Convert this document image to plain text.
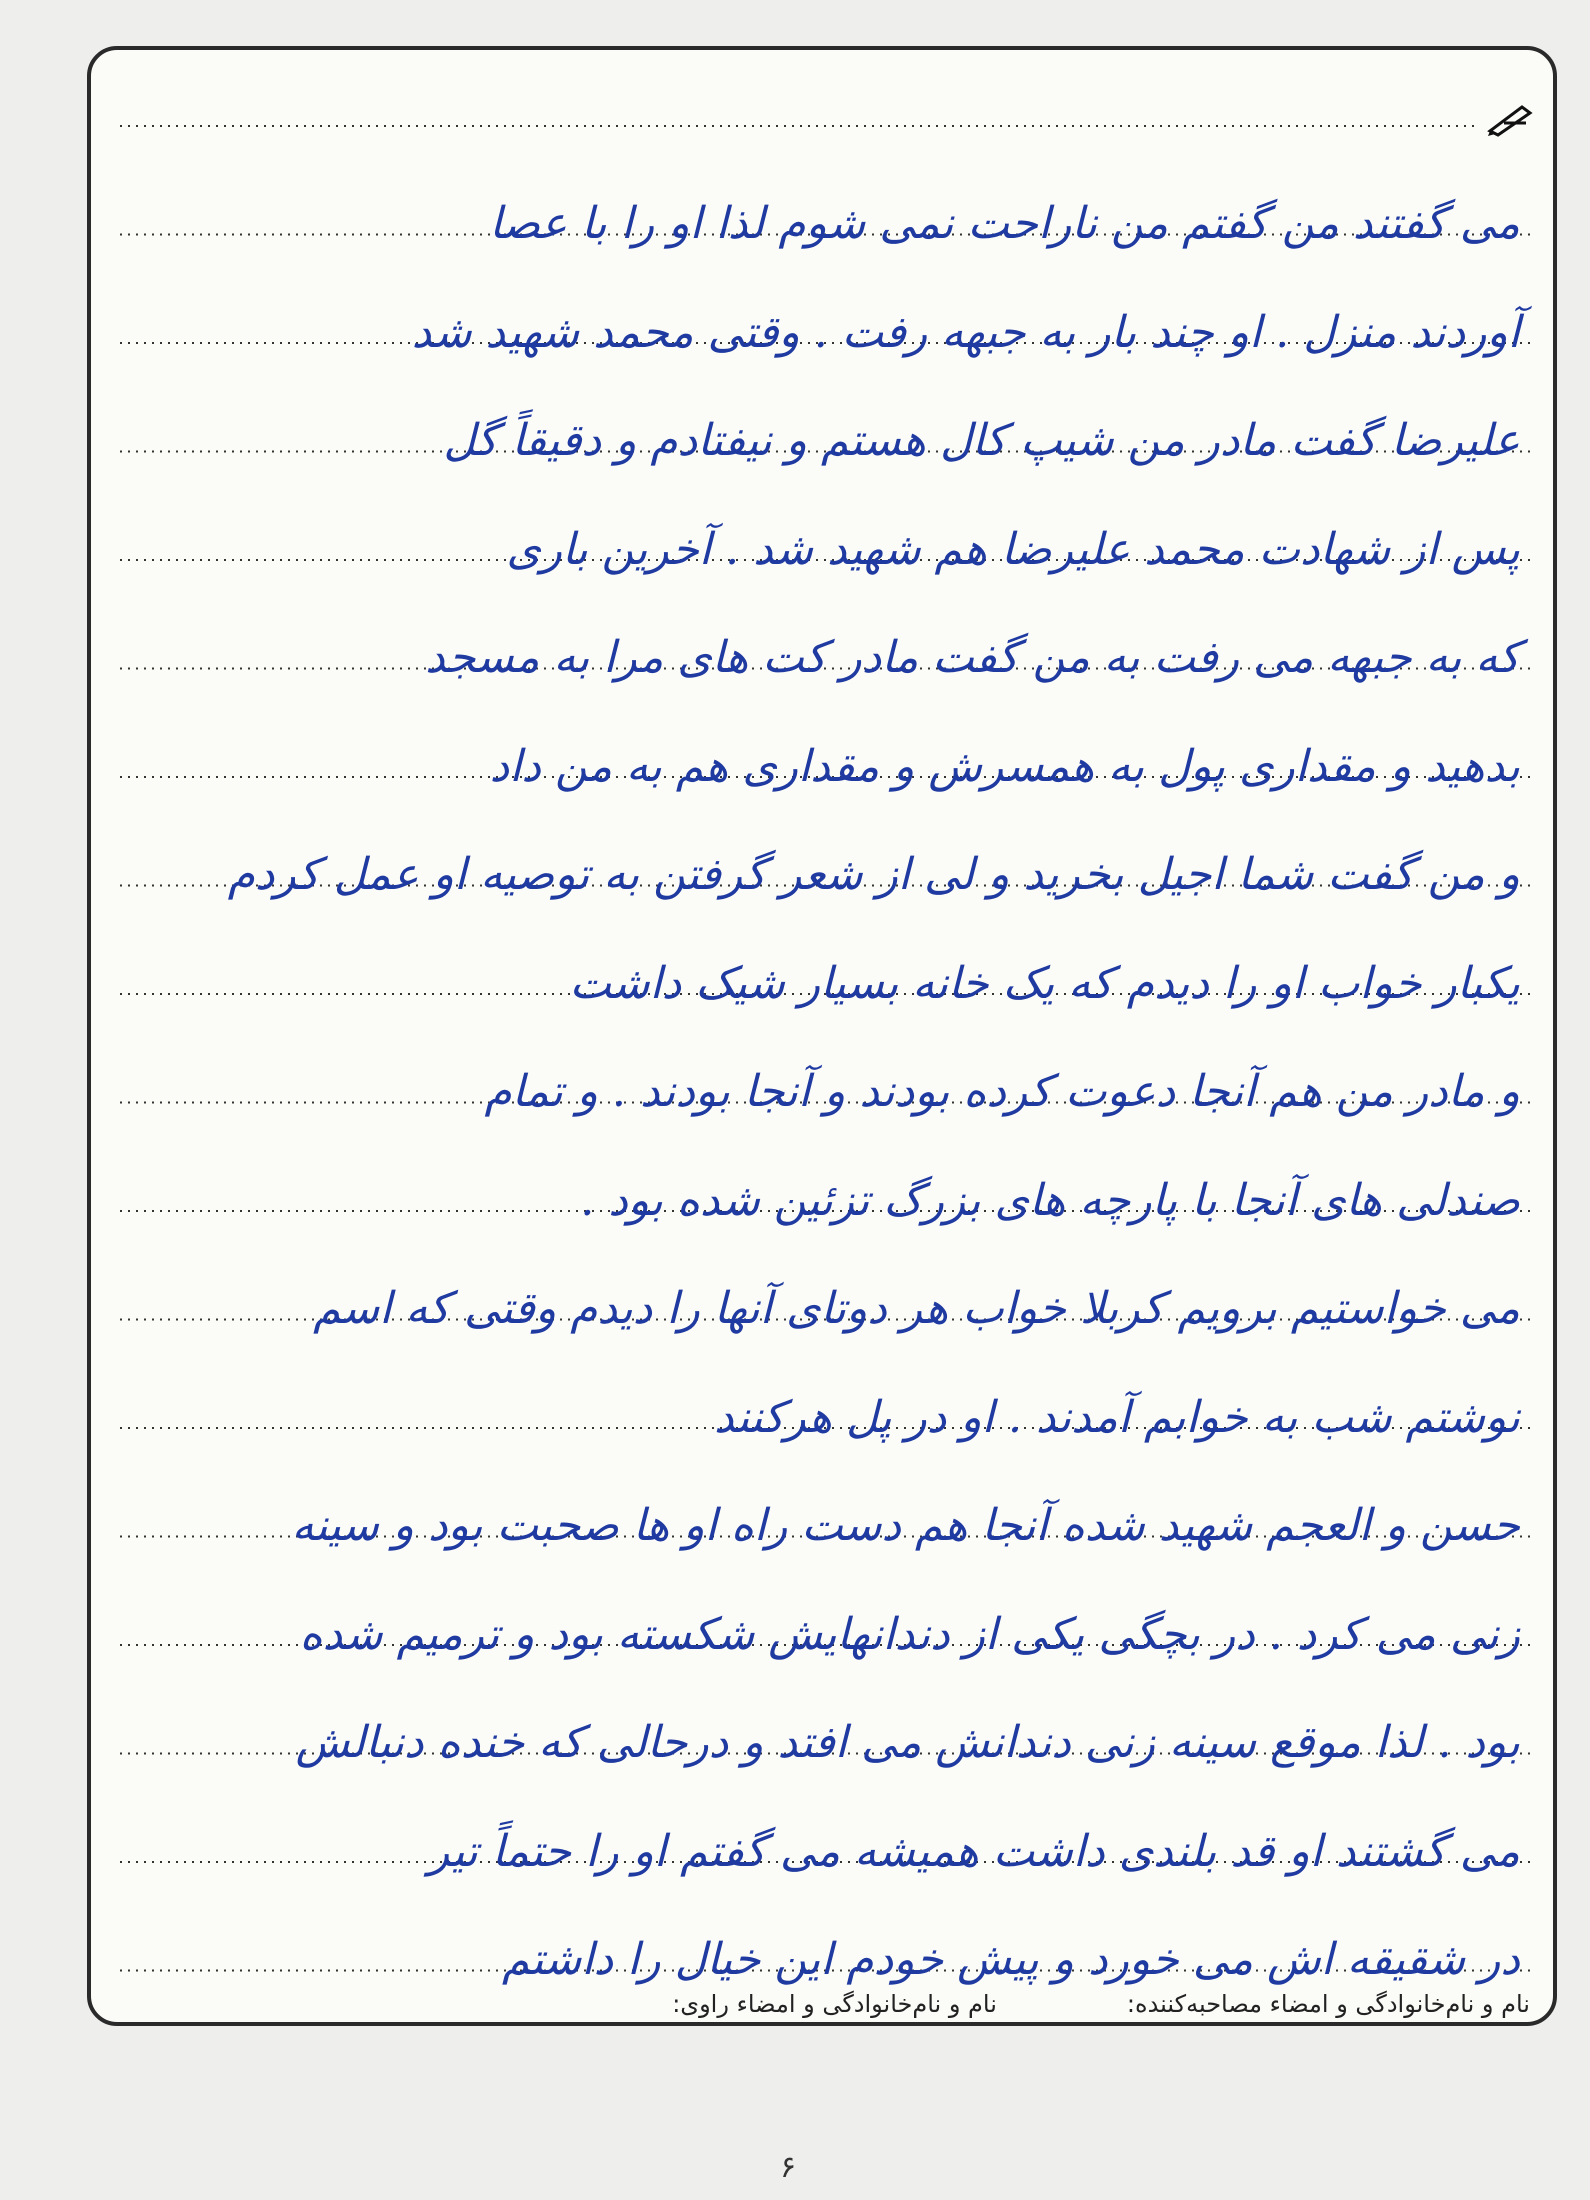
می گفتند من گفتم من ناراحت نمی شوم لذا او را با عصا
آوردند منزل . او چند بار به جبهه رفت . وقتی محمد شهید شد
علیرضا گفت مادر من شیپ کال هستم و نیفتادم و دقیقاً گل
پس از شهادت محمد علیرضا هم شهید شد . آخرین باری
که به جبهه می رفت به من گفت مادر کت های مرا به مسجد
بدهید و مقداری پول به همسرش و مقداری هم به من داد
و من گفت شما اجیل بخرید و لی از شعر گرفتن به توصیه او عمل کردم
یکبار خواب او را دیدم که یک خانه بسیار شیک داشت
و مادر من هم آنجا دعوت کرده بودند و آنجا بودند . و تمام
صندلی های آنجا با پارچه های بزرگ تزئین شده بود .
می خواستیم برویم کربلا خواب هر دوتای آنها را دیدم وقتی که اسم
نوشتم شب به خوابم آمدند . او در پل هرکنند
حسن و العجم شهید شده آنجا هم دست راه او ها صحبت بود و سینه
زنی می کرد . در بچگی یکی از دندانهایش شکسته بود و ترمیم شده
بود . لذا موقع سینه زنی دندانش می افتد و درحالی که خنده دنبالش
می گشتند او قد بلندی داشت همیشه می گفتم او را حتماً تیر
در شقیقه اش می خورد و پیش خودم این خیال را داشتم
نام و نام‌خانوادگی و امضاء مصاحبه‌کننده:
نام و نام‌خانوادگی و امضاء راوی:
۶
